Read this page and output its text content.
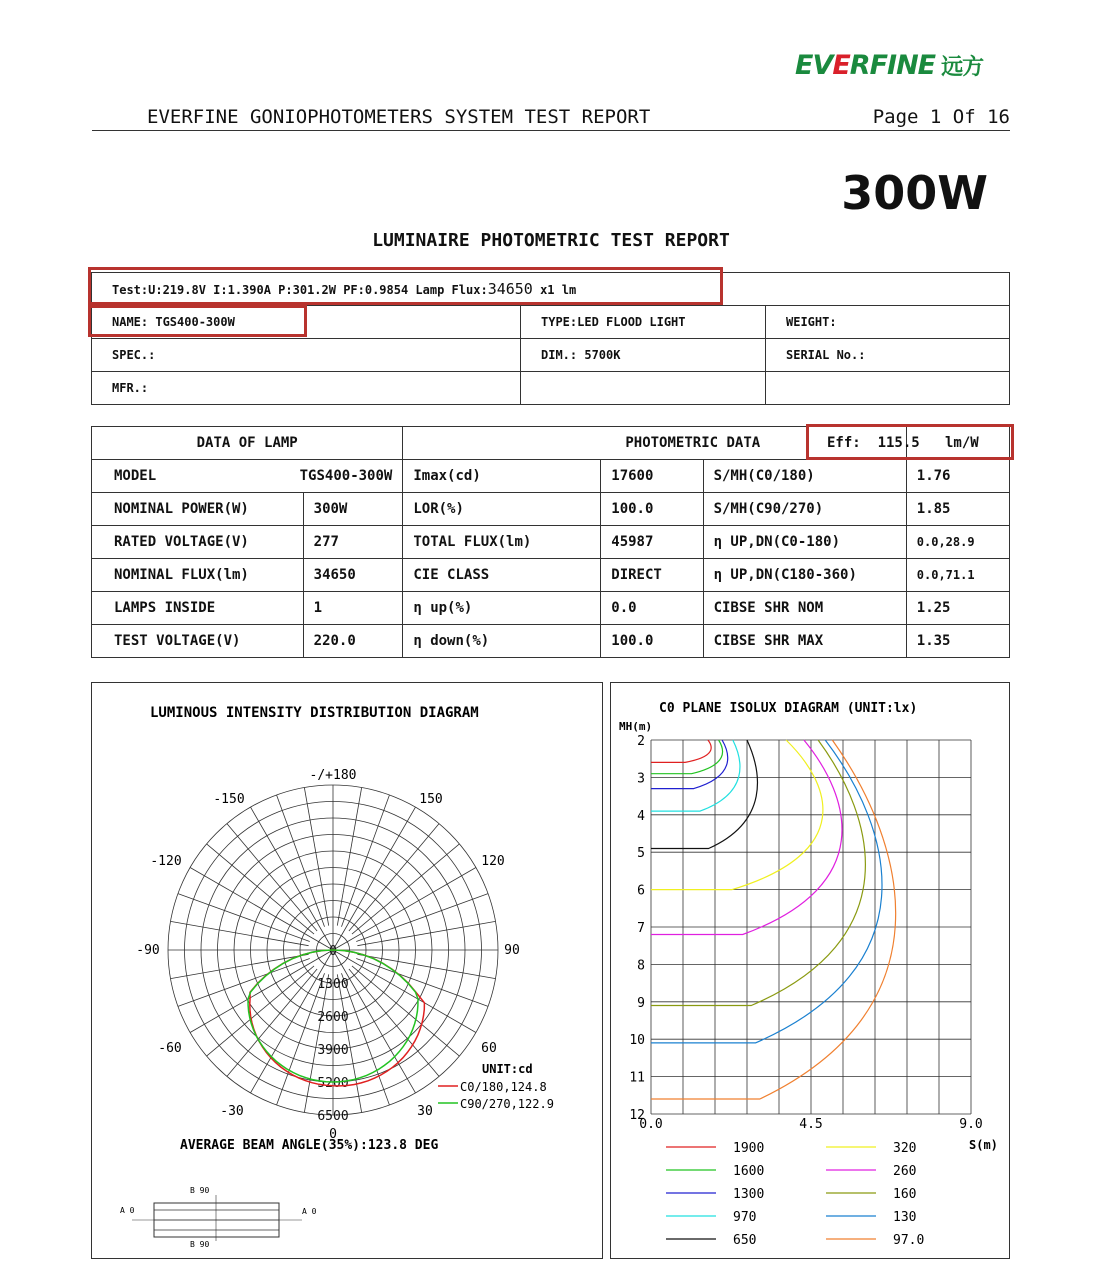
EVERFINE 远方
EVERFINE GONIOPHOTOMETERS SYSTEM TEST REPORT	Page 1 Of 16
300W
LUMINAIRE PHOTOMETRIC TEST REPORT
Test:U:219.8V I:1.390A P:301.2W PF:0.9854 Lamp Flux:34650 x1 lm		
NAME: TGS400-300W	TYPE:LED FLOOD LIGHT	WEIGHT:
SPEC.:	DIM.: 5700K	SERIAL No.:
MFR.:		
DATA OF LAMP		PHOTOMETRIC DATA			

MODEL TGS400-300W		Imax(cd)	17600	S/MH(C0/180)	1.76
NOMINAL POWER(W)	300W	LOR(%)	100.0	S/MH(C90/270)	1.85
RATED VOLTAGE(V)	277	TOTAL FLUX(lm)	45987	η UP,DN(C0-180)	0.0,28.9
NOMINAL FLUX(lm)	34650	CIE CLASS	DIRECT	η UP,DN(C180-360)	0.0,71.1
LAMPS INSIDE	1	η up(%)	0.0	CIBSE SHR NOM	1.25
TEST VOLTAGE(V)	220.0	η down(%)	100.0	CIBSE SHR MAX	1.35
Eff:  115.5   lm/W
LUMINOUS INTENSITY DISTRIBUTION DIAGRAM
-/+180
-150	150
-120	120
-90	90
-60	60
-30	30
0
0
1300
2600
3900
5200
6500
UNIT:cd
C0/180,124.8
C90/270,122.9
AVERAGE BEAM ANGLE(35%):123.8 DEG
B 90
B 90
A 0	A 0
C0 PLANE ISOLUX DIAGRAM (UNIT:lx)
MH(m)
S(m)
2
3
4
5
6
7
8
9
10
11
12
0.0	4.5	9.0
1900	320
1600	260
1300	160
970	130
650	97.0
